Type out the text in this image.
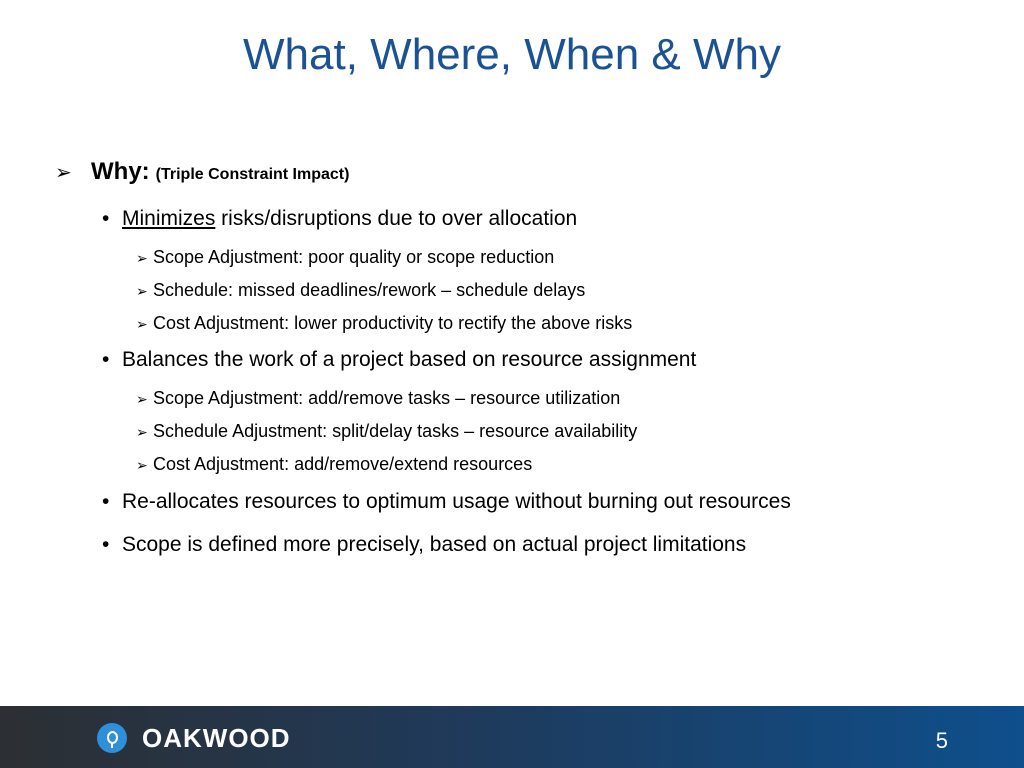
What, Where, When & Why
➢ Why: (Triple Constraint Impact)
• Minimizes risks/disruptions due to over allocation
➢ Scope Adjustment: poor quality or scope reduction
➢ Schedule: missed deadlines/rework – schedule delays
➢ Cost Adjustment: lower productivity to rectify the above risks
• Balances the work of a project based on resource assignment
➢ Scope Adjustment: add/remove tasks – resource utilization
➢ Schedule Adjustment: split/delay tasks – resource availability
➢ Cost Adjustment: add/remove/extend resources
• Re-allocates resources to optimum usage without burning out resources
• Scope is defined more precisely, based on actual project limitations
OAKWOOD	5
